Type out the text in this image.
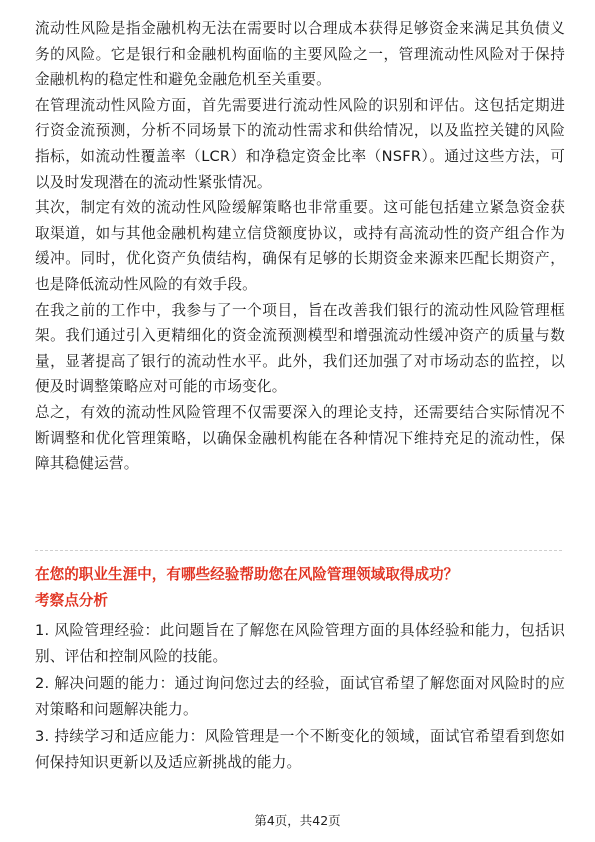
流动性风险是指金融机构无法在需要时以合理成本获得足够资金来满足其负债义务的风险。它是银行和金融机构面临的主要风险之一，管理流动性风险对于保持金融机构的稳定性和避免金融危机至关重要。

在管理流动性风险方面，首先需要进行流动性风险的识别和评估。这包括定期进行资金流预测，分析不同场景下的流动性需求和供给情况，以及监控关键的风险指标，如流动性覆盖率（LCR）和净稳定资金比率（NSFR）。通过这些方法，可以及时发现潜在的流动性紧张情况。

其次，制定有效的流动性风险缓解策略也非常重要。这可能包括建立紧急资金获取渠道，如与其他金融机构建立信贷额度协议，或持有高流动性的资产组合作为缓冲。同时，优化资产负债结构，确保有足够的长期资金来源来匹配长期资产，也是降低流动性风险的有效手段。

在我之前的工作中，我参与了一个项目，旨在改善我们银行的流动性风险管理框架。我们通过引入更精细化的资金流预测模型和增强流动性缓冲资产的质量与数量，显著提高了银行的流动性水平。此外，我们还加强了对市场动态的监控，以便及时调整策略应对可能的市场变化。

总之，有效的流动性风险管理不仅需要深入的理论支持，还需要结合实际情况不断调整和优化管理策略，以确保金融机构能在各种情况下维持充足的流动性，保障其稳健运营。

在您的职业生涯中，有哪些经验帮助您在风险管理领域取得成功？

考察点分析

1. 风险管理经验：此问题旨在了解您在风险管理方面的具体经验和能力，包括识别、评估和控制风险的技能。

2. 解决问题的能力：通过询问您过去的经验，面试官希望了解您面对风险时的应对策略和问题解决能力。

3. 持续学习和适应能力：风险管理是一个不断变化的领域，面试官希望看到您如何保持知识更新以及适应新挑战的能力。

第4页，共42页
